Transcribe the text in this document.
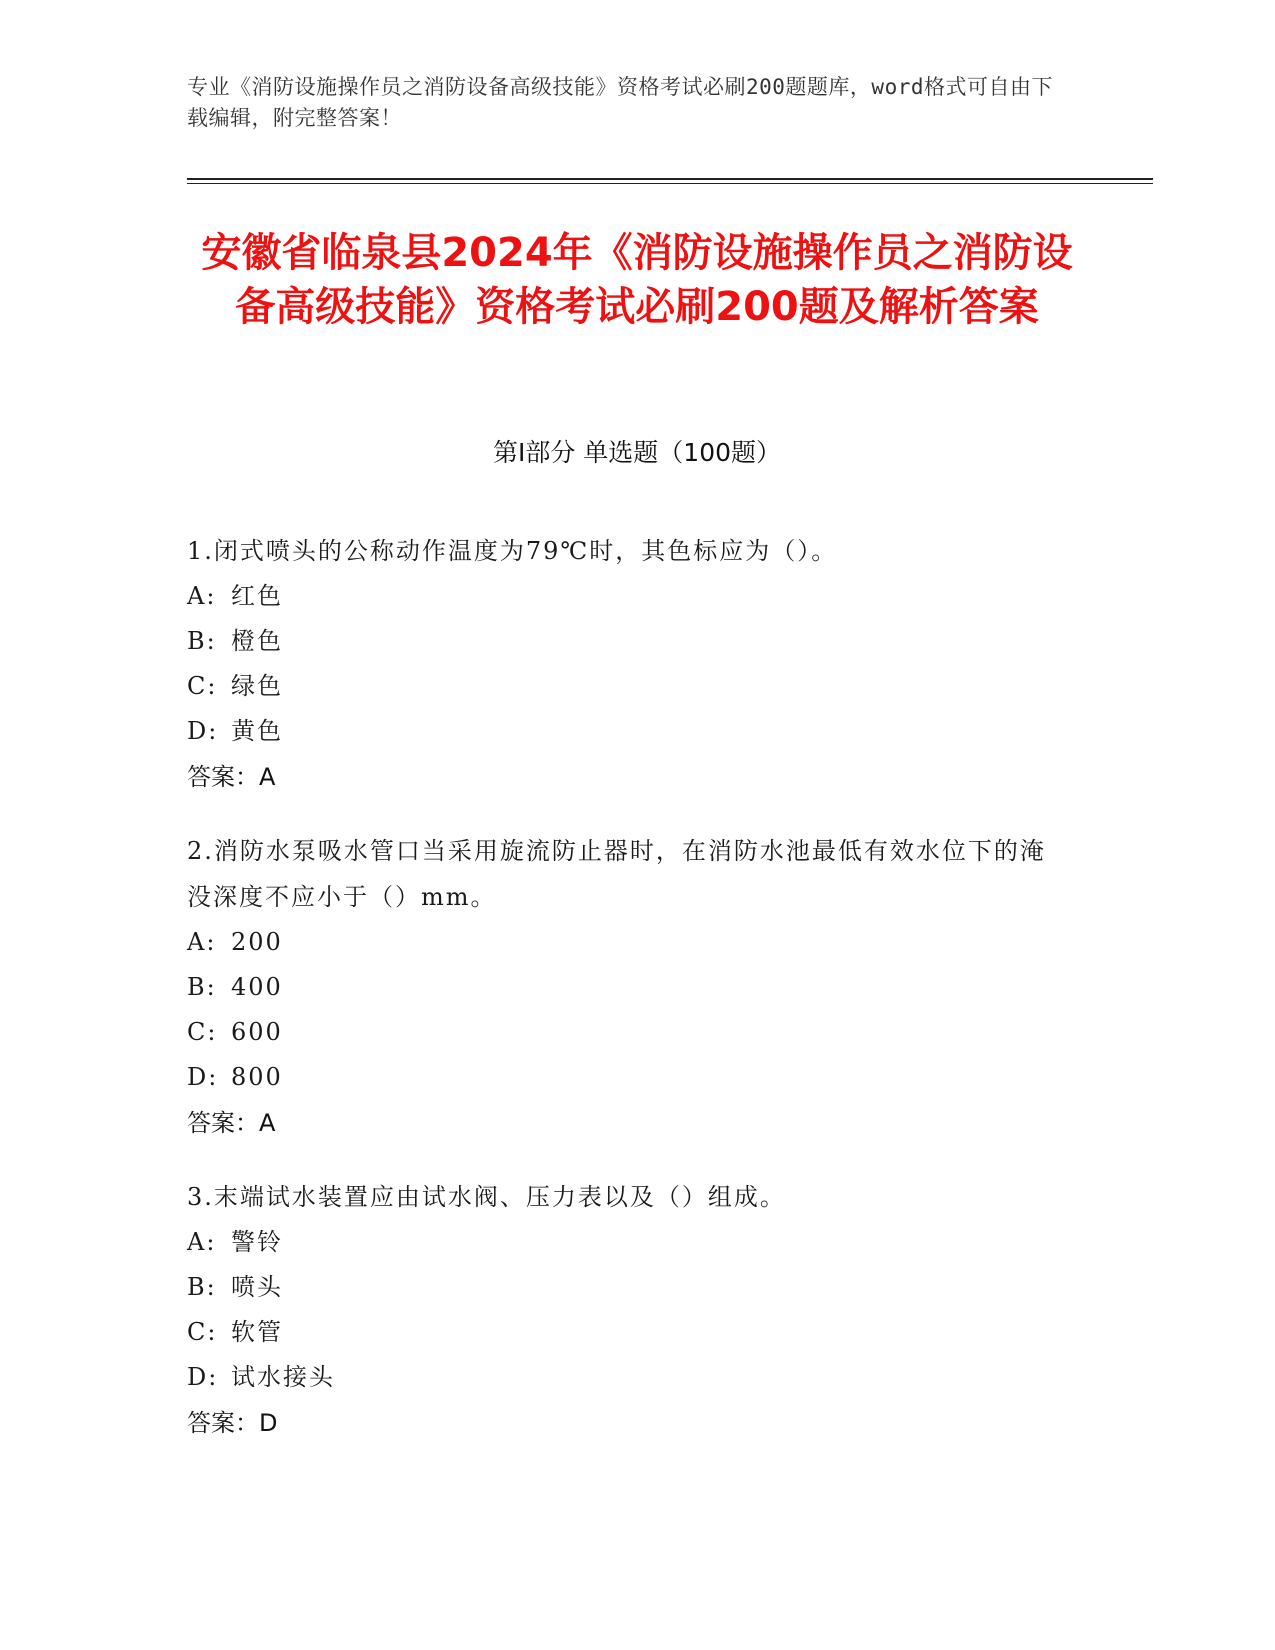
专业《消防设施操作员之消防设备高级技能》资格考试必刷200题题库，word格式可自由下载编辑，附完整答案！
安徽省临泉县2024年《消防设施操作员之消防设备高级技能》资格考试必刷200题及解析答案
第Ⅰ部分 单选题（100题）
1.闭式喷头的公称动作温度为79℃时，其色标应为（）。
A: 红色
B: 橙色
C: 绿色
D: 黄色
答案：A
2.消防水泵吸水管口当采用旋流防止器时，在消防水池最低有效水位下的淹没深度不应小于（）mm。
A: 200
B: 400
C: 600
D: 800
答案：A
3.末端试水装置应由试水阀、压力表以及（）组成。
A: 警铃
B: 喷头
C: 软管
D: 试水接头
答案：D
